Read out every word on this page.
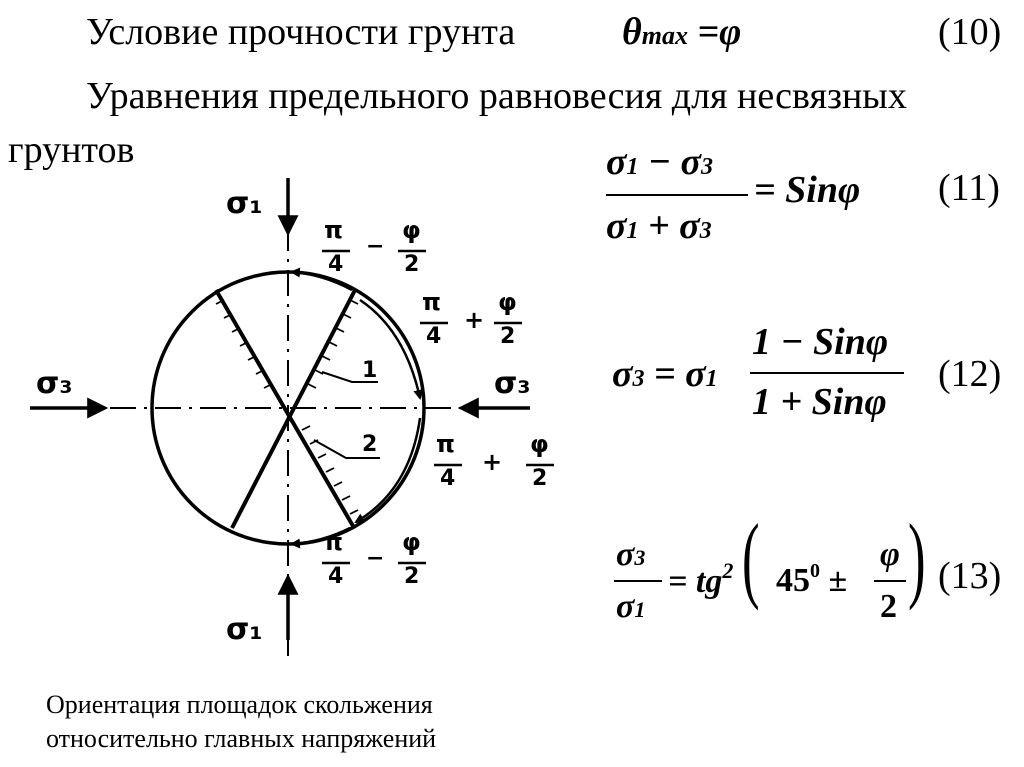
Условие прочности грунта	θmax =φ	(10)
Уравнения предельного равновесия для несвязных
грунтов	σ1 − σ3
σ1 + σ3
= Sinφ (11)
σ3 = σ1
1 − Sinφ
1 + Sinφ
(12)
σ3
σ1
= $tg^2$ ( $45^0$ ±
φ
2 ) (13)
σ₁
σ₁
σ₃	σ₃
1
2
π
4
−
φ
2
π
4
+
φ
2
π
4
+
φ
2
π
4
−
φ
2
Ориентация площадок скольжения
относительно главных напряжений
